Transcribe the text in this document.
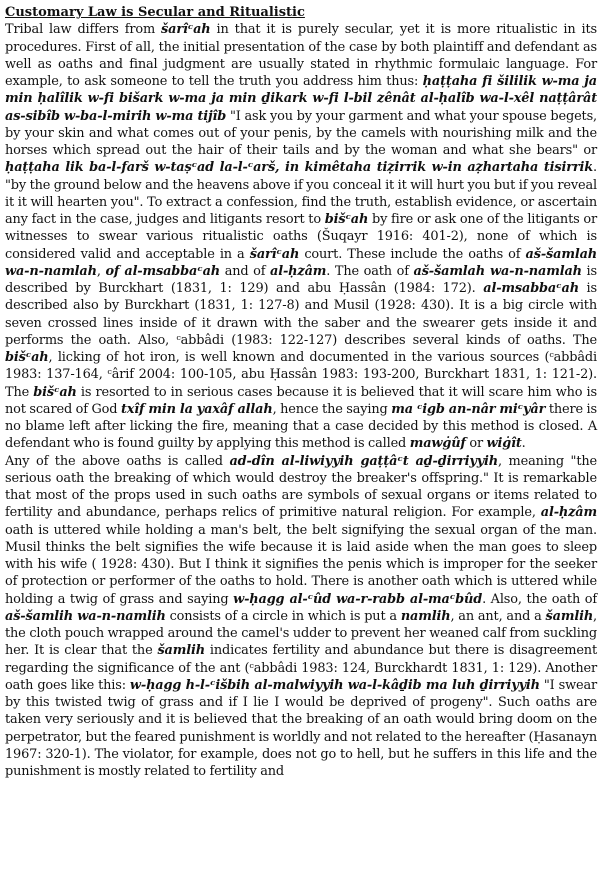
Customary Law is Secular and Ritualistic

Tribal law differs from šarîᶜah in that it is purely secular, yet it is more ritualistic in its procedures. First of all, the initial presentation of the case by both plaintiff and defendant as well as oaths and final judgment are usually stated in rhythmic formulaic language. For example, to ask someone to tell the truth you address him thus: ḥaṭṭaha fi šililik w-ma ja min ḥalîlik w-fi bišark w-ma ja min ḏikark w-fi l-bil zênât al-ḥalîb wa-l-xêl naṭṭârât as-sibîb w-ba-l-mirih w-ma tijîb "I ask you by your garment and what your spouse begets, by your skin and what comes out of your penis, by the camels with nourishing milk and the horses which spread out the hair of their tails and by the woman and what she bears" or ḥaṭṭaha lik ba-l-farš w-taṣᶜad la-l-ᶜarš, in kimêtaha tiẓirrik w-in aẓhartaha tisirrik. "by the ground below and the heavens above if you conceal it it will hurt you but if you reveal it it will hearten you". To extract a confession, find the truth, establish evidence, or ascertain any fact in the case, judges and litigants resort to bišᶜah by fire or ask one of the litigants or witnesses to swear various ritualistic oaths (Šuqayr 1916: 401-2), none of which is considered valid and acceptable in a šarîᶜah court. These include the oaths of aš-šamlah wa-n-namlah, of al-msabbaᶜah and of al-ḥzâm. The oath of aš-šamlah wa-n-namlah is described by Burckhart (1831, 1: 129) and abu Ḥassân (1984: 172). al-msabbaᶜah is described also by Burckhart (1831, 1: 127-8) and Musil (1928: 430). It is a big circle with seven crossed lines inside of it drawn with the saber and the swearer gets inside it and performs the oath. Also, ᶜabbâdi (1983: 122-127) describes several kinds of oaths. The bišᶜah, licking of hot iron, is well known and documented in the various sources (ᶜabbâdi 1983: 137-164, ᶜârif 2004: 100-105, abu Ḥassân 1983: 193-200, Burckhart 1831, 1: 121-2). The bišᶜah is resorted to in serious cases because it is believed that it will scare him who is not scared of God txîf min la yaxâf allah, hence the saying ma ᶜigb an-nâr miᶜyâr there is no blame left after licking the fire, meaning that a case decided by this method is closed. A defendant who is found guilty by applying this method is called mawġûf or wiġît.

Any of the above oaths is called ad-dîn al-liwiyyih gaṭṭâᶜt aḏ-ḏirriyyih, meaning "the serious oath the breaking of which would destroy the breaker's offspring." It is remarkable that most of the props used in such oaths are symbols of sexual organs or items related to fertility and abundance, perhaps relics of primitive natural religion. For example, al-ḥzâm oath is uttered while holding a man's belt, the belt signifying the sexual organ of the man. Musil thinks the belt signifies the wife because it is laid aside when the man goes to sleep with his wife ( 1928: 430). But I think it signifies the penis which is improper for the seeker of protection or performer of the oaths to hold. There is another oath which is uttered while holding a twig of grass and saying w-ḥagg al-ᶜûd wa-r-rabb al-maᶜbûd. Also, the oath of aš-šamlih wa-n-namlih consists of a circle in which is put a namlih, an ant, and a šamlih, the cloth pouch wrapped around the camel's udder to prevent her weaned calf from suckling her. It is clear that the šamlih indicates fertility and abundance but there is disagreement regarding the significance of the ant (ᶜabbâdi 1983: 124, Burckhardt 1831, 1: 129). Another oath goes like this: w-ḥagg h-l-ᶜišbih al-malwiyyih wa-l-kâḏib ma luh ḏirriyyih "I swear by this twisted twig of grass and if I lie I would be deprived of progeny". Such oaths are taken very seriously and it is believed that the breaking of an oath would bring doom on the perpetrator, but the feared punishment is worldly and not related to the hereafter (Ḥasanayn 1967: 320-1). The violator, for example, does not go to hell, but he suffers in this life and the punishment is mostly related to fertility and
